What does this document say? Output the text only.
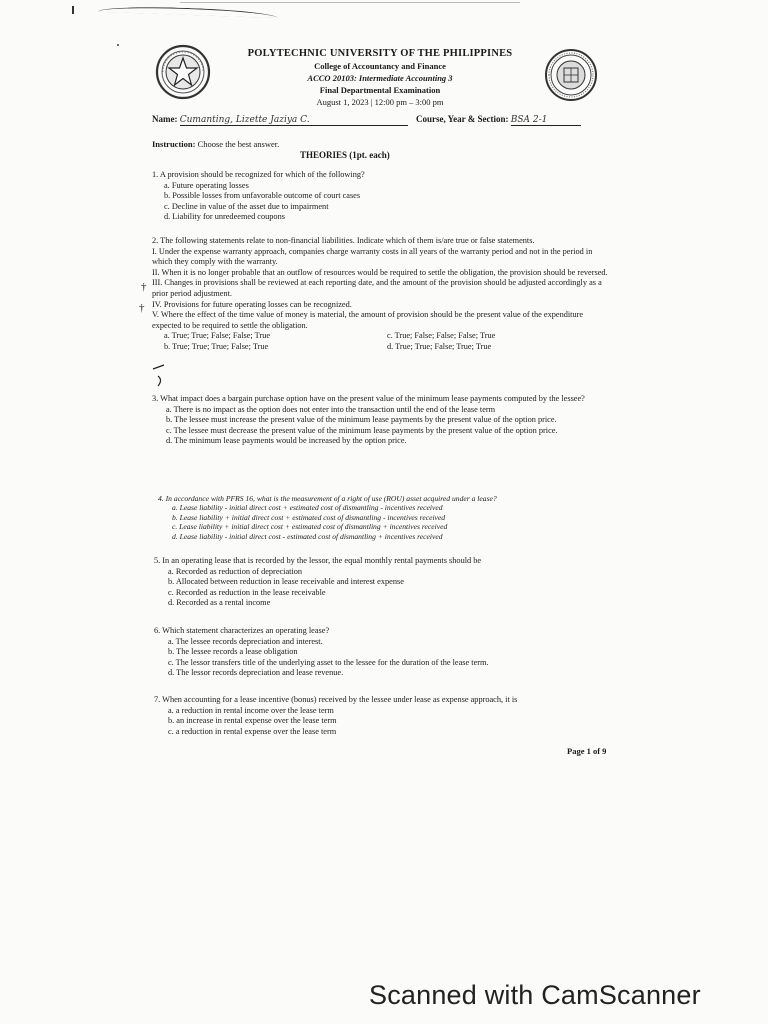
POLYTECHNIC UNIVERSITY OF THE PHILIPPINES
College of Accountancy and Finance
ACCO 20103: Intermediate Accounting 3
Final Departmental Examination
August 1, 2023 | 12:00 pm – 3:00 pm
Name: Cumanting, Lizette Jaziya C.	Course, Year & Section: BSA 2-1
Instruction: Choose the best answer.
THEORIES (1pt. each)

1. A provision should be recognized for which of the following?

a. Future operating losses

b. Possible losses from unfavorable outcome of court cases

c. Decline in value of the asset due to impairment

d. Liability for unredeemed coupons

2. The following statements relate to non-financial liabilities. Indicate which of them is/are true or false statements.

I. Under the expense warranty approach, companies charge warranty costs in all years of the warranty period and not in the period in which they comply with the warranty.

II. When it is no longer probable that an outflow of resources would be required to settle the obligation, the provision should be reversed.

III. Changes in provisions shall be reviewed at each reporting date, and the amount of the provision should be adjusted accordingly as a prior period adjustment.

IV. Provisions for future operating losses can be recognized.

V. Where the effect of the time value of money is material, the amount of provision should be the present value of the expenditure expected to be required to settle the obligation.

a. True; True; False; False; True	c. True; False; False; False; True
b. True; True; True; False; True	d. True; True; False; True; True
†
†

3. What impact does a bargain purchase option have on the present value of the minimum lease payments computed by the lessee?

a. There is no impact as the option does not enter into the transaction until the end of the lease term

b. The lessee must increase the present value of the minimum lease payments by the present value of the option price.

c. The lessee must decrease the present value of the minimum lease payments by the present value of the option price.

d. The minimum lease payments would be increased by the option price.

4. In accordance with PFRS 16, what is the measurement of a right of use (ROU) asset acquired under a lease?

a. Lease liability - initial direct cost + estimated cost of dismantling - incentives received

b. Lease liability + initial direct cost + estimated cost of dismantling - incentives received

c. Lease liability + initial direct cost + estimated cost of dismantling + incentives received

d. Lease liability - initial direct cost - estimated cost of dismantling + incentives received

5. In an operating lease that is recorded by the lessor, the equal monthly rental payments should be

a. Recorded as reduction of depreciation

b. Allocated between reduction in lease receivable and interest expense

c. Recorded as reduction in the lease receivable

d. Recorded as a rental income

6. Which statement characterizes an operating lease?

a. The lessee records depreciation and interest.

b. The lessee records a lease obligation

c. The lessor transfers title of the underlying asset to the lessee for the duration of the lease term.

d. The lessor records depreciation and lease revenue.

7. When accounting for a lease incentive (bonus) received by the lessee under lease as expense approach, it is

a. a reduction in rental income over the lease term

b. an increase in rental expense over the lease term

c. a reduction in rental expense over the lease term

Page 1 of 9
Scanned with CamScanner
